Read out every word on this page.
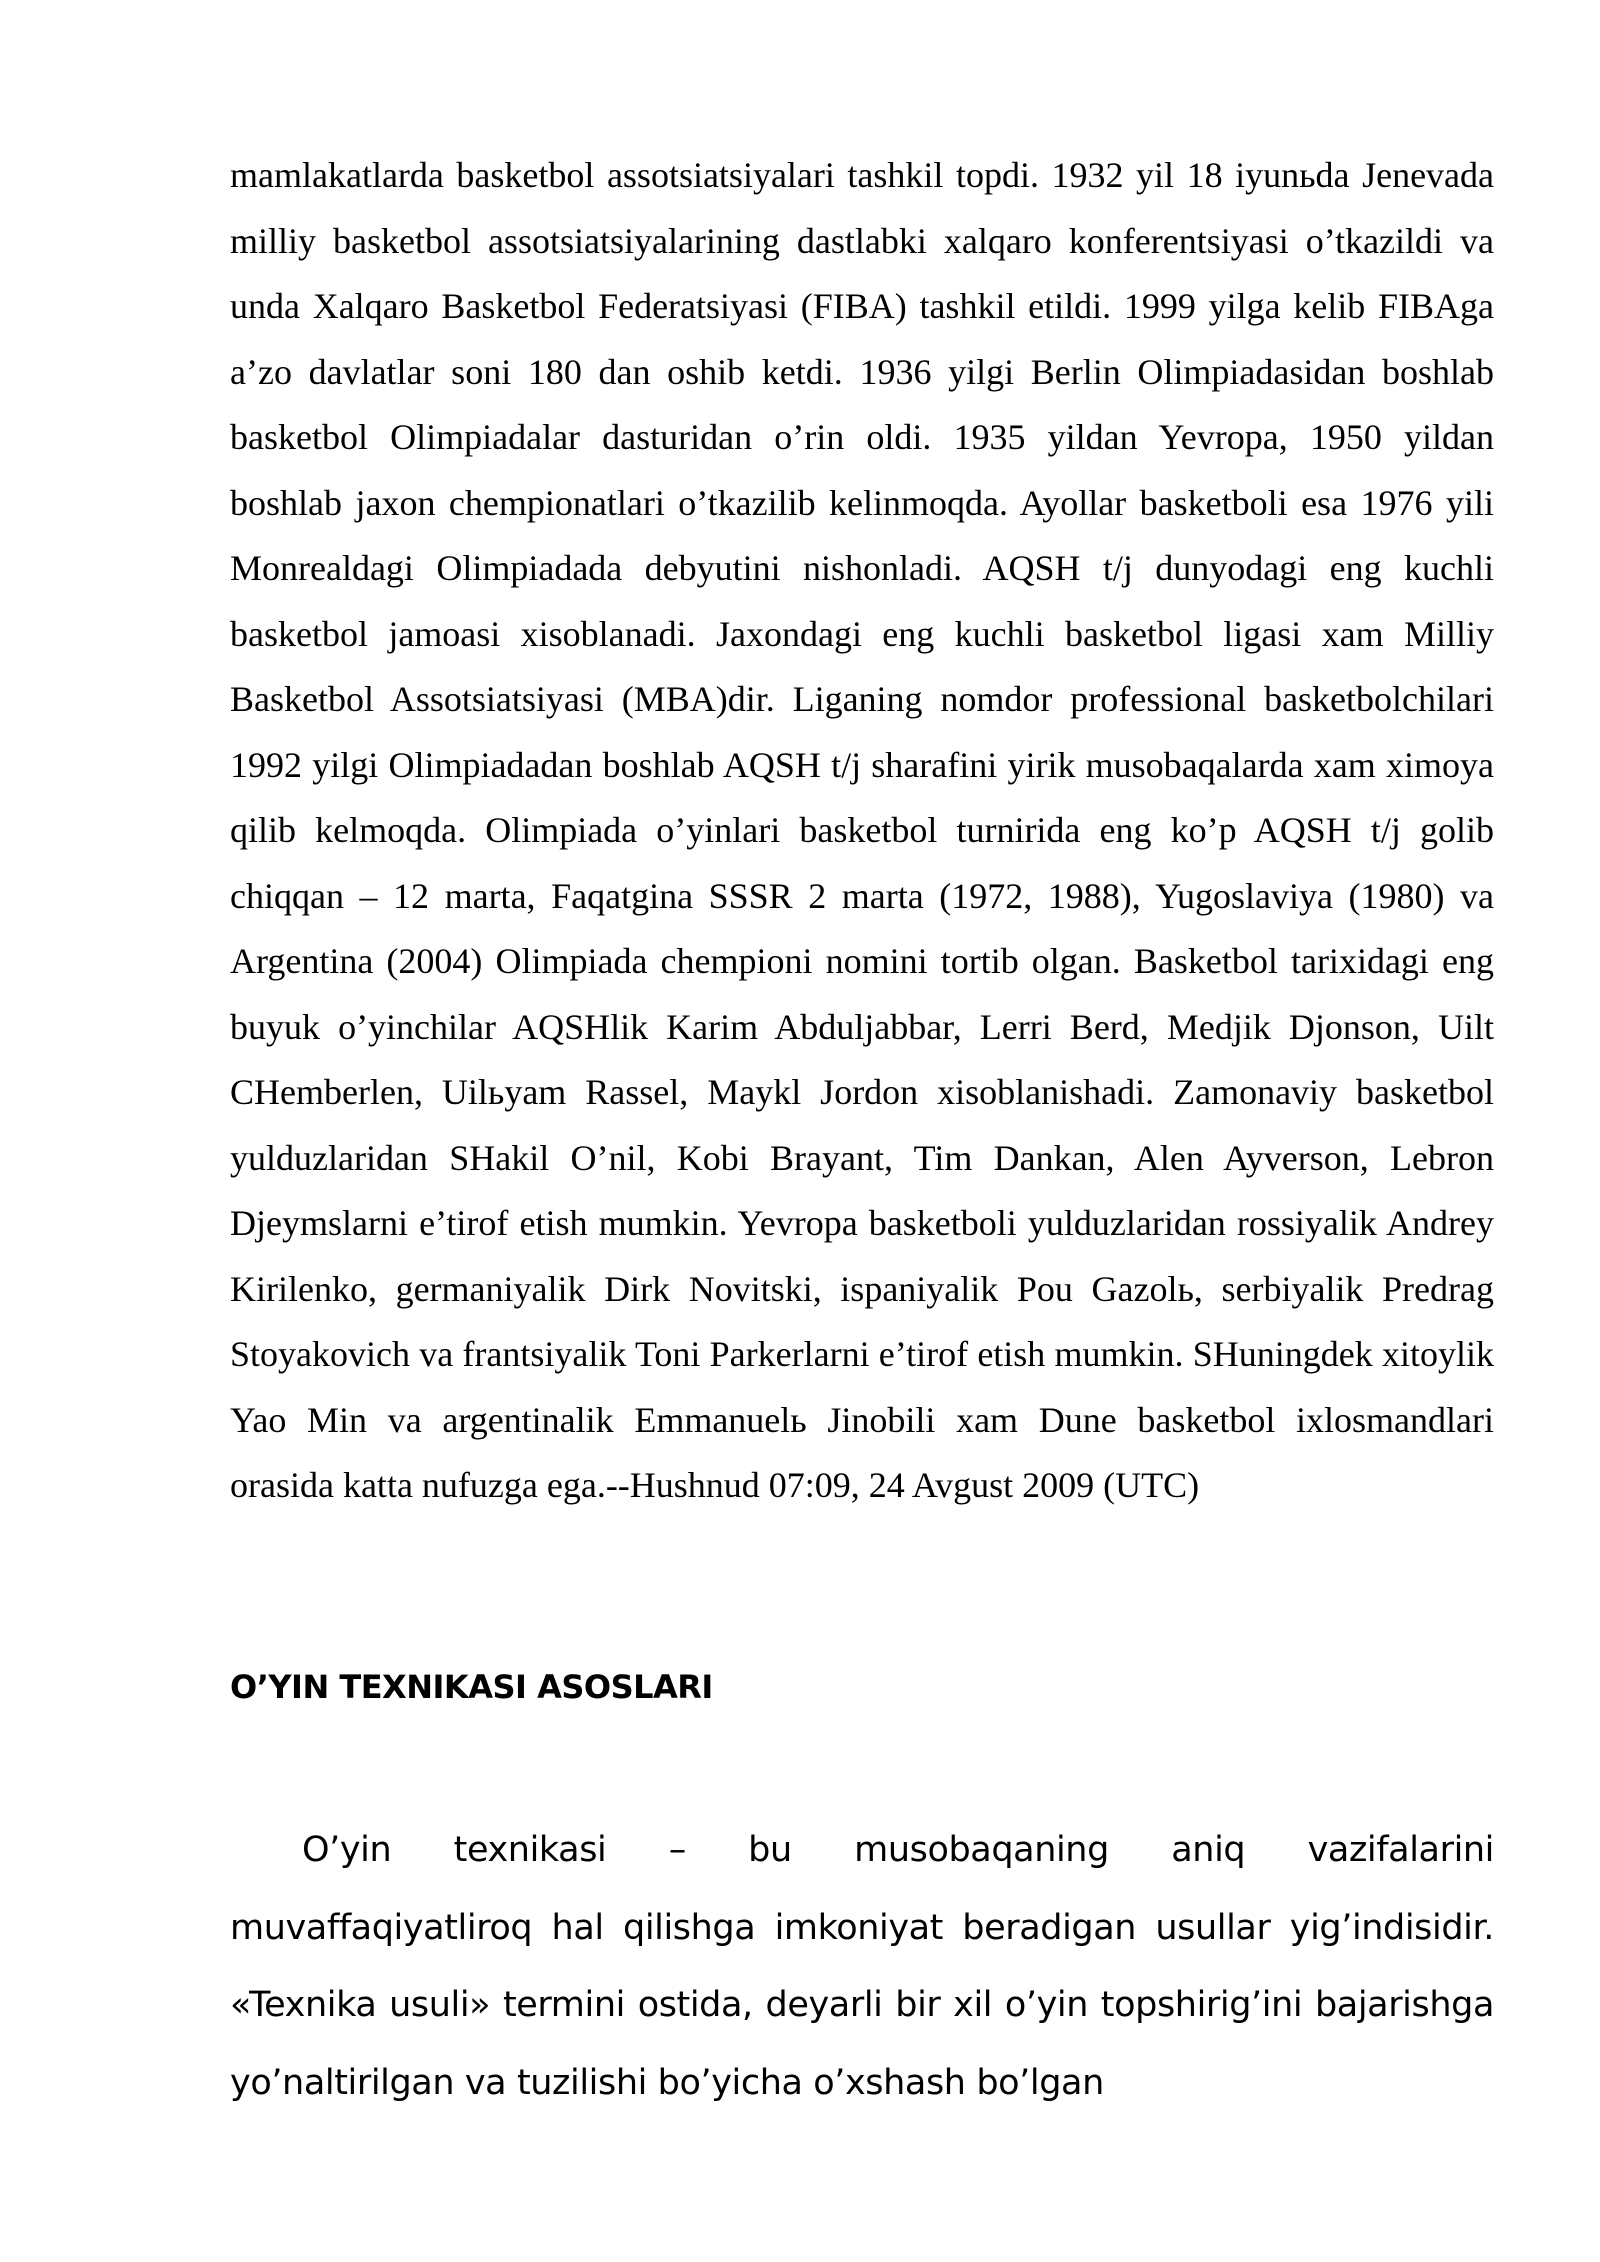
mamlakatlarda basketbol assotsiatsiyalari tashkil topdi. 1932 yil 18 iyunьda Jenevada milliy basketbol assotsiatsiyalarining dastlabki xalqaro konferentsiyasi o’tkazildi va unda Xalqaro Basketbol Federatsiyasi (FIBA) tashkil etildi. 1999 yilga kelib FIBAga a’zo davlatlar soni 180 dan oshib ketdi. 1936 yilgi Berlin Olimpiadasidan boshlab basketbol Olimpiadalar dasturidan o’rin oldi. 1935 yildan Yevropa, 1950 yildan boshlab jaxon chempionatlari o’tkazilib kelinmoqda. Ayollar basketboli esa 1976 yili Monrealdagi Olimpiadada debyutini nishonladi. AQSH t/j dunyodagi eng kuchli basketbol jamoasi xisoblanadi. Jaxondagi eng kuchli basketbol ligasi xam Milliy Basketbol Assotsiatsiyasi (MBA)dir. Liganing nomdor professional basketbolchilari 1992 yilgi Olimpiadadan boshlab AQSH t/j sharafini yirik musobaqalarda xam ximoya qilib kelmoqda. Olimpiada o’yinlari basketbol turnirida eng ko’p AQSH t/j golib chiqqan – 12 marta, Faqatgina SSSR 2 marta (1972, 1988), Yugoslaviya (1980) va Argentina (2004) Olimpiada chempioni nomini tortib olgan. Basketbol tarixidagi eng buyuk o’yinchilar AQSHlik Karim Abduljabbar, Lerri Berd, Medjik Djonson, Uilt CHemberlen, Uilьyam Rassel, Maykl Jordon xisoblanishadi. Zamonaviy basketbol yulduzlaridan SHakil O’nil, Kobi Brayant, Tim Dankan, Alen Ayverson, Lebron Djeymslarni e’tirof etish mumkin. Yevropa basketboli yulduzlaridan rossiyalik Andrey Kirilenko, germaniyalik Dirk Novitski, ispaniyalik Pou Gazolь, serbiyalik Predrag Stoyakovich va frantsiyalik Toni Parkerlarni e’tirof etish mumkin. SHuningdek xitoylik Yao Min va argentinalik Emmanuelь Jinobili xam Dune basketbol ixlosmandlari orasida katta nufuzga ega.--Hushnud 07:09, 24 Avgust 2009 (UTC)

O’YIN TEXNIKASI ASOSLARI

O’yin texnikasi – bu musobaqaning aniq vazifalarini muvaffaqiyatliroq hal qilishga imkoniyat beradigan usullar yig’indisidir. «Texnika usuli» termini ostida, deyarli bir xil o’yin topshirig’ini bajarishga yo’naltirilgan va tuzilishi bo’yicha o’xshash bo’lgan
